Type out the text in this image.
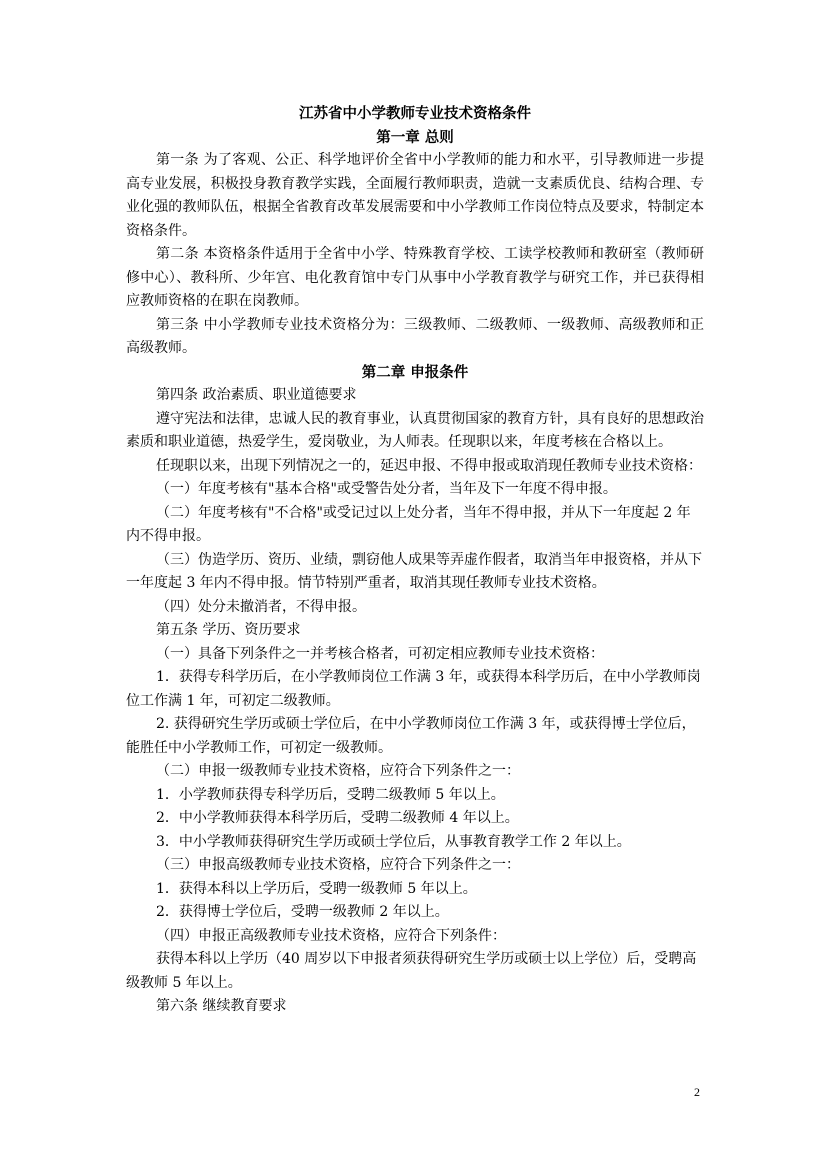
江苏省中小学教师专业技术资格条件

第一章 总则

第一条 为了客观、公正、科学地评价全省中小学教师的能力和水平，引导教师进一步提高专业发展，积极投身教育教学实践，全面履行教师职责，造就一支素质优良、结构合理、专业化强的教师队伍，根据全省教育改革发展需要和中小学教师工作岗位特点及要求，特制定本资格条件。

第二条 本资格条件适用于全省中小学、特殊教育学校、工读学校教师和教研室（教师研修中心）、教科所、少年宫、电化教育馆中专门从事中小学教育教学与研究工作，并已获得相应教师资格的在职在岗教师。

第三条 中小学教师专业技术资格分为：三级教师、二级教师、一级教师、高级教师和正高级教师。

第二章 申报条件

第四条 政治素质、职业道德要求

遵守宪法和法律，忠诚人民的教育事业，认真贯彻国家的教育方针，具有良好的思想政治素质和职业道德，热爱学生，爱岗敬业，为人师表。任现职以来，年度考核在合格以上。

任现职以来，出现下列情况之一的，延迟申报、不得申报或取消现任教师专业技术资格：

（一）年度考核有"基本合格"或受警告处分者，当年及下一年度不得申报。

（二）年度考核有"不合格"或受记过以上处分者，当年不得申报，并从下一年度起 2 年内不得申报。

（三）伪造学历、资历、业绩，剽窃他人成果等弄虚作假者，取消当年申报资格，并从下一年度起 3 年内不得申报。情节特别严重者，取消其现任教师专业技术资格。

（四）处分未撤消者，不得申报。

第五条 学历、资历要求

（一）具备下列条件之一并考核合格者，可初定相应教师专业技术资格：

1．获得专科学历后，在小学教师岗位工作满 3 年，或获得本科学历后，在中小学教师岗位工作满 1 年，可初定二级教师。

2. 获得研究生学历或硕士学位后，在中小学教师岗位工作满 3 年，或获得博士学位后，能胜任中小学教师工作，可初定一级教师。

（二）申报一级教师专业技术资格，应符合下列条件之一：

1．小学教师获得专科学历后，受聘二级教师 5 年以上。

2．中小学教师获得本科学历后，受聘二级教师 4 年以上。

3．中小学教师获得研究生学历或硕士学位后，从事教育教学工作 2 年以上。

（三）申报高级教师专业技术资格，应符合下列条件之一：

1．获得本科以上学历后，受聘一级教师 5 年以上。

2．获得博士学位后，受聘一级教师 2 年以上。

（四）申报正高级教师专业技术资格，应符合下列条件：

获得本科以上学历（40 周岁以下申报者须获得研究生学历或硕士以上学位）后，受聘高级教师 5 年以上。

第六条 继续教育要求

2
